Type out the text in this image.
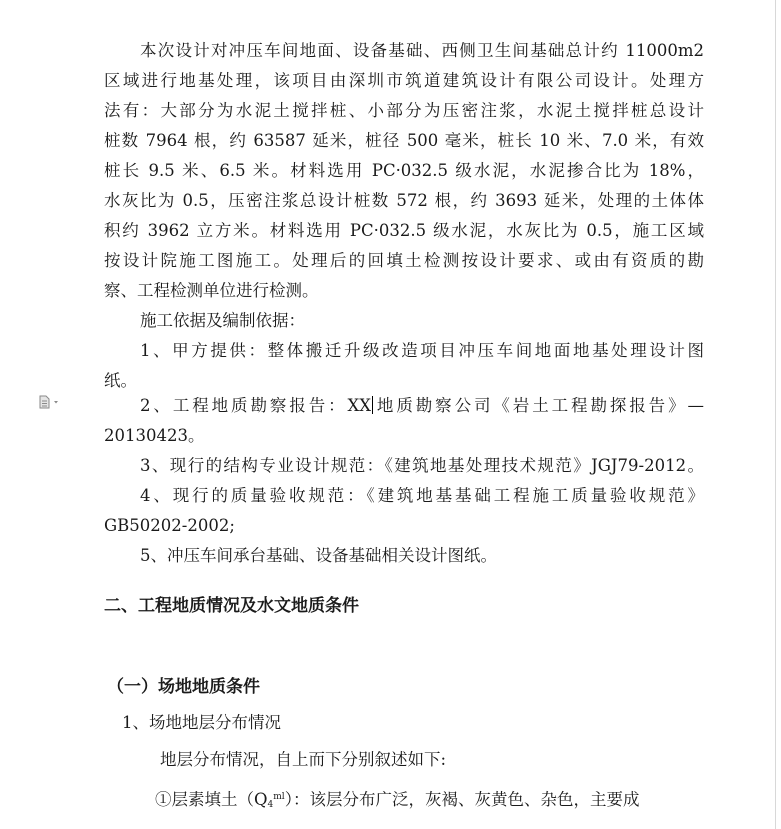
本次设计对冲压车间地面、设备基础、西侧卫生间基础总计约 11000m2
区域进行地基处理，该项目由深圳市筑道建筑设计有限公司设计。处理方
法有：大部分为水泥土搅拌桩、小部分为压密注浆，水泥土搅拌桩总设计
桩数 7964 根，约 63587 延米，桩径 500 毫米，桩长 10 米、7.0 米，有效
桩长 9.5 米、6.5 米。材料选用 PC·032.5 级水泥，水泥掺合比为 18%，
水灰比为 0.5，压密注浆总设计桩数 572 根，约 3693 延米，处理的土体体
积约 3962 立方米。材料选用 PC·032.5 级水泥，水灰比为 0.5，施工区域
按设计院施工图施工。处理后的回填土检测按设计要求、或由有资质的勘
察、工程检测单位进行检测。
施工依据及编制依据：
1、甲方提供：整体搬迁升级改造项目冲压车间地面地基处理设计图
纸。
2、工程地质勘察报告：XX 地质勘察公司《岩土工程勘探报告》—
20130423。
3、现行的结构专业设计规范：《建筑地基处理技术规范》JGJ79-2012。
4、现行的质量验收规范：《建筑地基基础工程施工质量验收规范》
GB50202-2002;
5、冲压车间承台基础、设备基础相关设计图纸。
二、工程地质情况及水文地质条件
（一）场地地质条件
1、场地地层分布情况
地层分布情况，自上而下分别叙述如下:
①层素填土$(Q_4^{ml})$：该层分布广泛，灰褐、灰黄色、杂色，主要成
